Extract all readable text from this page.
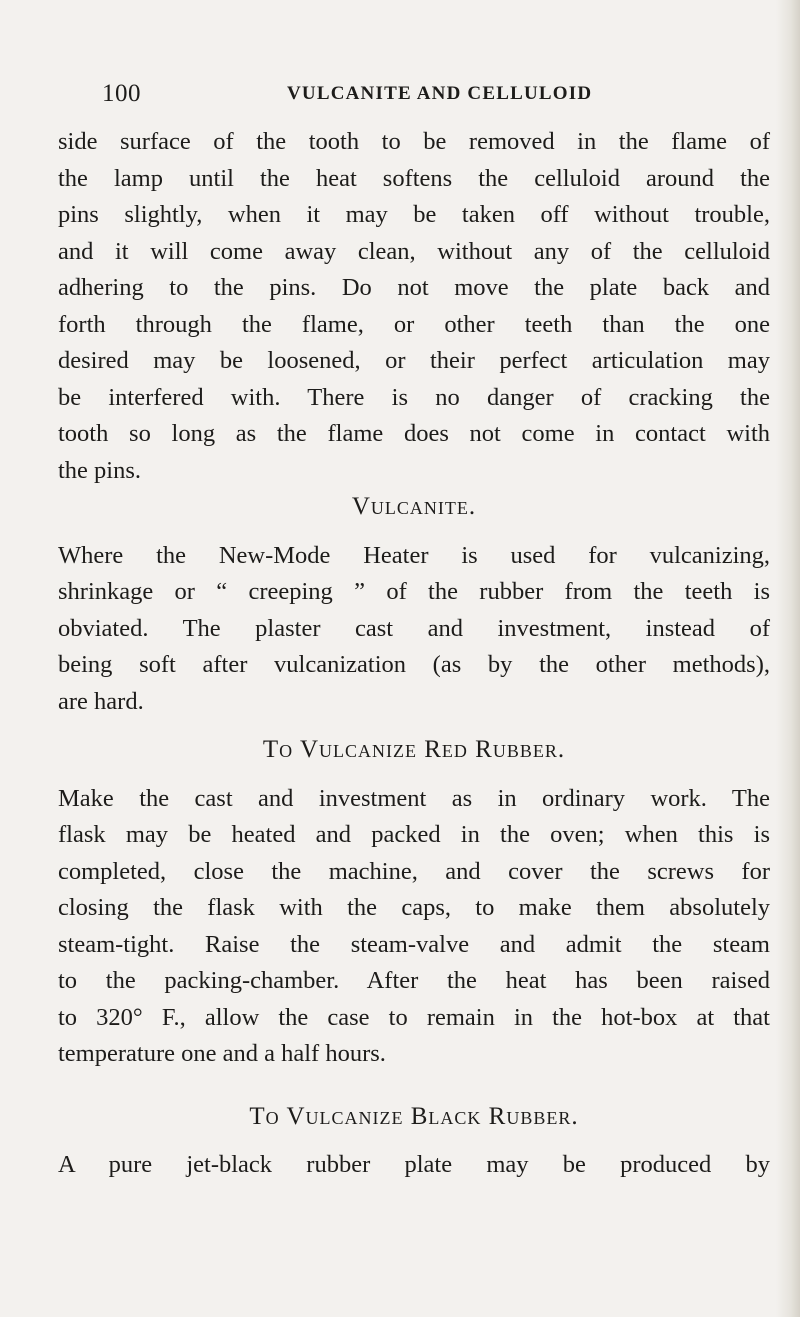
100	VULCANITE AND CELLULOID
side surface of the tooth to be removed in the flame of
the lamp until the heat softens the celluloid around the
pins slightly, when it may be taken off without trouble,
and it will come away clean, without any of the celluloid
adhering to the pins. Do not move the plate back and
forth through the flame, or other teeth than the one
desired may be loosened, or their perfect articulation may
be interfered with. There is no danger of cracking the
tooth so long as the flame does not come in contact with
the pins.
Vulcanite.
Where the New-Mode Heater is used for vulcanizing,
shrinkage or “ creeping ” of the rubber from the teeth is
obviated. The plaster cast and investment, instead of
being soft after vulcanization (as by the other methods),
are hard.
To Vulcanize Red Rubber.
Make the cast and investment as in ordinary work. The
flask may be heated and packed in the oven; when this is
completed, close the machine, and cover the screws for
closing the flask with the caps, to make them absolutely
steam-tight. Raise the steam-valve and admit the steam
to the packing-chamber. After the heat has been raised
to 320° F., allow the case to remain in the hot-box at that
temperature one and a half hours.
To Vulcanize Black Rubber.
A pure jet-black rubber plate may be produced by
